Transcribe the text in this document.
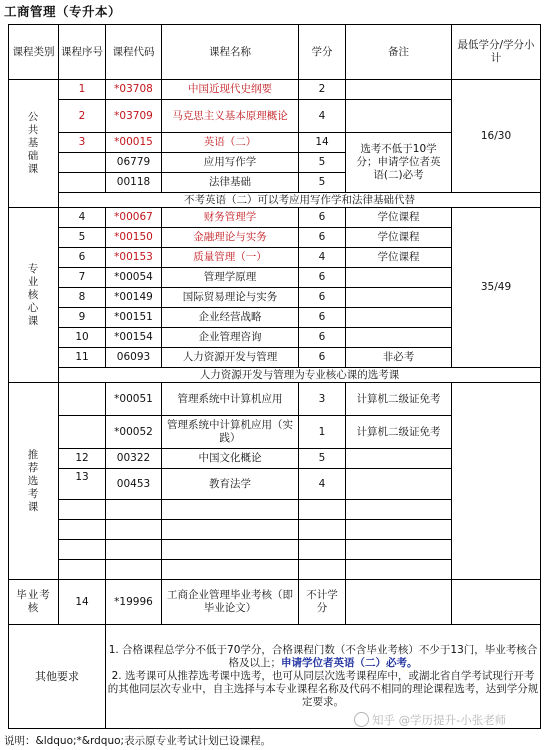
工商管理（专升本）
课程类别	课程序号	课程代码	课程名称	学分	备注	最低学分/学分小计
公共基础课	1	*03708	中国近现代史纲要	2		16/30
	2	*03709	马克思主义基本原理概论	4		
	3	*00015	英语（二）	14	选考不低于10学分；申请学位者英语(二)必考	
		06779	应用写作学	5		
		00118	法律基础	5		
	不考英语（二）可以考应用写作学和法律基础代替					
专业核心课	4	*00067	财务管理学	6	学位课程	35/49
	5	*00150	金融理论与实务	6	学位课程	
	6	*00153	质量管理（一）	4	学位课程	
	7	*00054	管理学原理	6		
	8	*00149	国际贸易理论与实务	6		
	9	*00151	企业经营战略	6		
	10	*00154	企业管理咨询	6		
	11	06093	人力资源开发与管理	6	非必考	
	人力资源开发与管理为专业核心课的选考课					
推荐选考课		*00051	管理系统中计算机应用	3	计算机二级证免考	
		*00052	管理系统中计算机应用（实践）	1	计算机二级证免考	
	12	00322	中国文化概论	5		
	13	00453	教育法学	4		

毕业考核	14	*19996	工商企业管理毕业考核（即毕业论文）	不计学分		
其他要求		1. 合格课程总学分不低于70学分，合格课程门数（不含毕业考核）不少于13门，毕业考核合格及以上；申请学位者英语（二）必考。
2. 选考课可从推荐选考课中选考，也可从同层次选考课程库中，或湖北省自学考试现行开考的其他同层次专业中，自主选择与本专业课程名称及代码不相同的理论课程选考，达到学分规定要求。				
知乎 @学历提升-小张老师
说明：&ldquo;*&rdquo;表示原专业考试计划已设课程。
